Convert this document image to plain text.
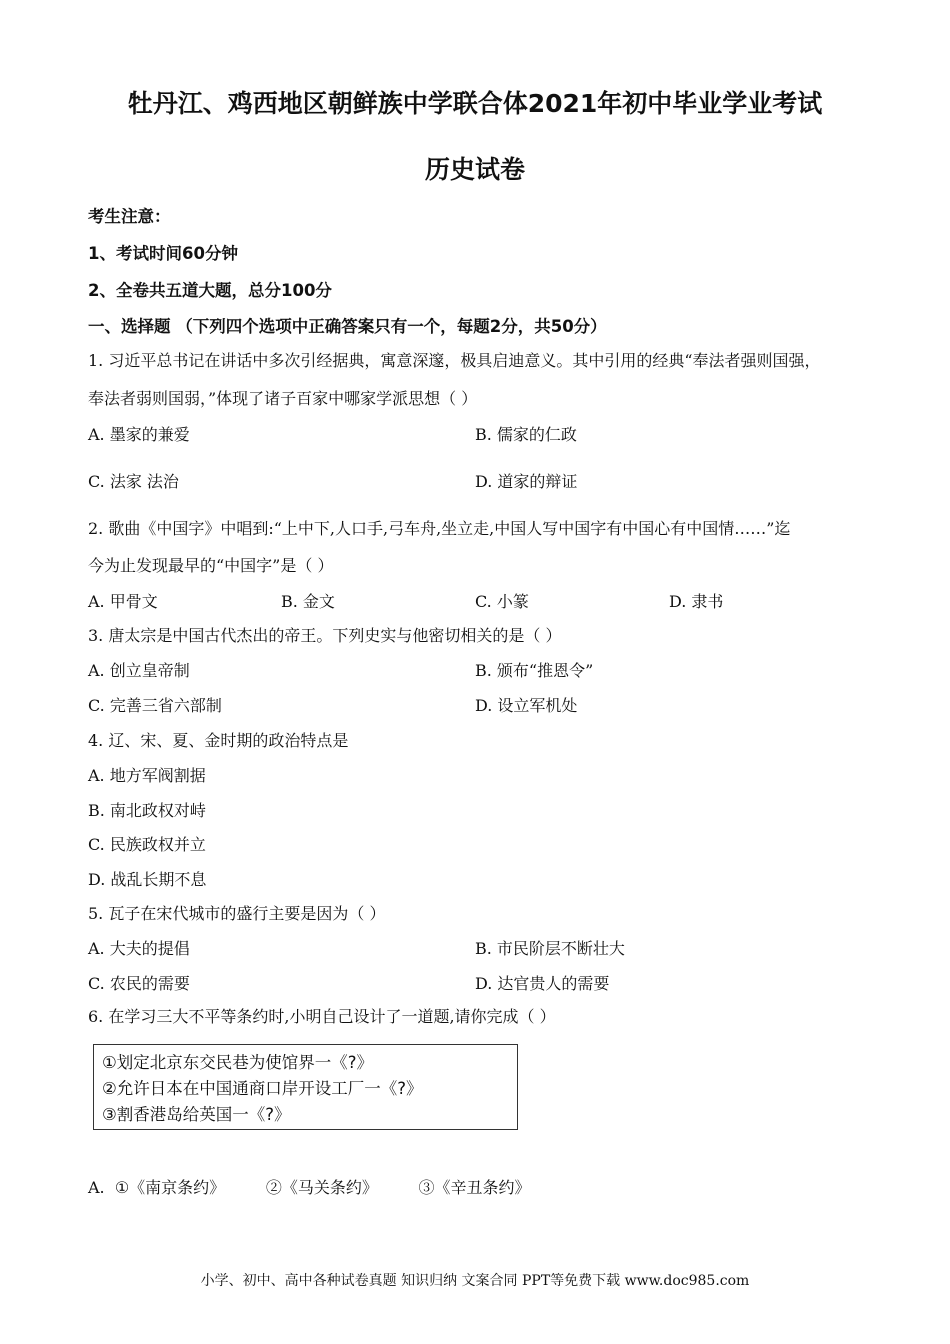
牡丹江、鸡西地区朝鲜族中学联合体2021年初中毕业学业考试
历史试卷
考生注意：
1、考试时间60分钟
2、全卷共五道大题，总分100分
一、选择题 （下列四个选项中正确答案只有一个，每题2分，共50分）
1. 习近平总书记在讲话中多次引经据典，寓意深邃，极具启迪意义。其中引用的经典“奉法者强则国强，
奉法者弱则国弱，”体现了诸子百家中哪家学派思想（ ）
A. 墨家的兼爱	B. 儒家的仁政
C. 法家 法治	D. 道家的辩证
2. 歌曲《中国字》中唱到:“上中下,人口手,弓车舟,坐立走,中国人写中国字有中国心有中国情……”迄
今为止发现最早的“中国字”是（ ）
A. 甲骨文	B. 金文	C. 小篆	D. 隶书
3. 唐太宗是中国古代杰出的帝王。下列史实与他密切相关的是（ ）
A. 创立皇帝制	B. 颁布“推恩令”
C. 完善三省六部制	D. 设立军机处
4. 辽、宋、夏、金时期的政治特点是
A. 地方军阀割据
B. 南北政权对峙
C. 民族政权并立
D. 战乱长期不息
5. 瓦子在宋代城市的盛行主要是因为（ ）
A. 大夫的提倡	B. 市民阶层不断壮大
C. 农民的需要	D. 达官贵人的需要
6. 在学习三大不平等条约时,小明自己设计了一道题,请你完成（ ）
①划定北京东交民巷为使馆界一《?》
②允许日本在中国通商口岸开设工厂一《?》
③割香港岛给英国一《?》
A.  ①《南京条约》        ②《马关条约》        ③《辛丑条约》
小学、初中、高中各种试卷真题 知识归纳 文案合同 PPT等免费下载 www.doc985.com
